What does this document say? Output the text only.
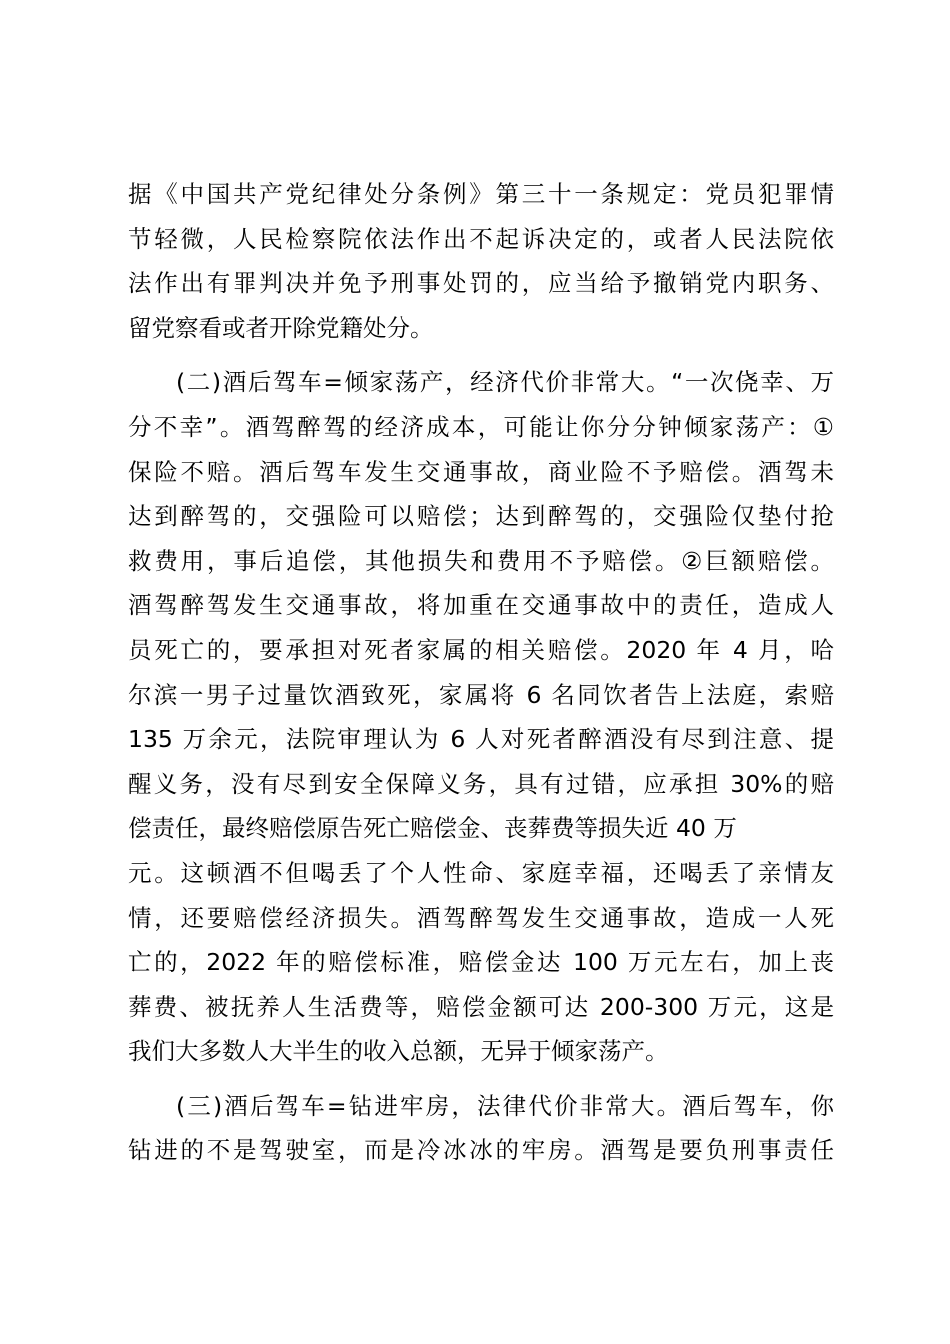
据《中国共产党纪律处分条例》第三十一条规定：党员犯罪情
节轻微，人民检察院依法作出不起诉决定的，或者人民法院依
法作出有罪判决并免予刑事处罚的，应当给予撤销党内职务、
留党察看或者开除党籍处分。
(二)酒后驾车=倾家荡产，经济代价非常大。“一次侥幸、万
分不幸”。酒驾醉驾的经济成本，可能让你分分钟倾家荡产：①
保险不赔。酒后驾车发生交通事故，商业险不予赔偿。酒驾未
达到醉驾的，交强险可以赔偿；达到醉驾的，交强险仅垫付抢
救费用，事后追偿，其他损失和费用不予赔偿。②巨额赔偿。
酒驾醉驾发生交通事故，将加重在交通事故中的责任，造成人
员死亡的，要承担对死者家属的相关赔偿。2020 年 4 月，哈
尔滨一男子过量饮酒致死，家属将 6 名同饮者告上法庭，索赔
135 万余元，法院审理认为 6 人对死者醉酒没有尽到注意、提
醒义务，没有尽到安全保障义务，具有过错，应承担 30%的赔
偿责任，最终赔偿原告死亡赔偿金、丧葬费等损失近 40 万
元。这顿酒不但喝丢了个人性命、家庭幸福，还喝丢了亲情友
情，还要赔偿经济损失。酒驾醉驾发生交通事故，造成一人死
亡的，2022 年的赔偿标准，赔偿金达 100 万元左右，加上丧
葬费、被抚养人生活费等，赔偿金额可达 200-300 万元，这是
我们大多数人大半生的收入总额，无异于倾家荡产。
(三)酒后驾车=钻进牢房，法律代价非常大。酒后驾车，你
钻进的不是驾驶室，而是冷冰冰的牢房。酒驾是要负刑事责任
